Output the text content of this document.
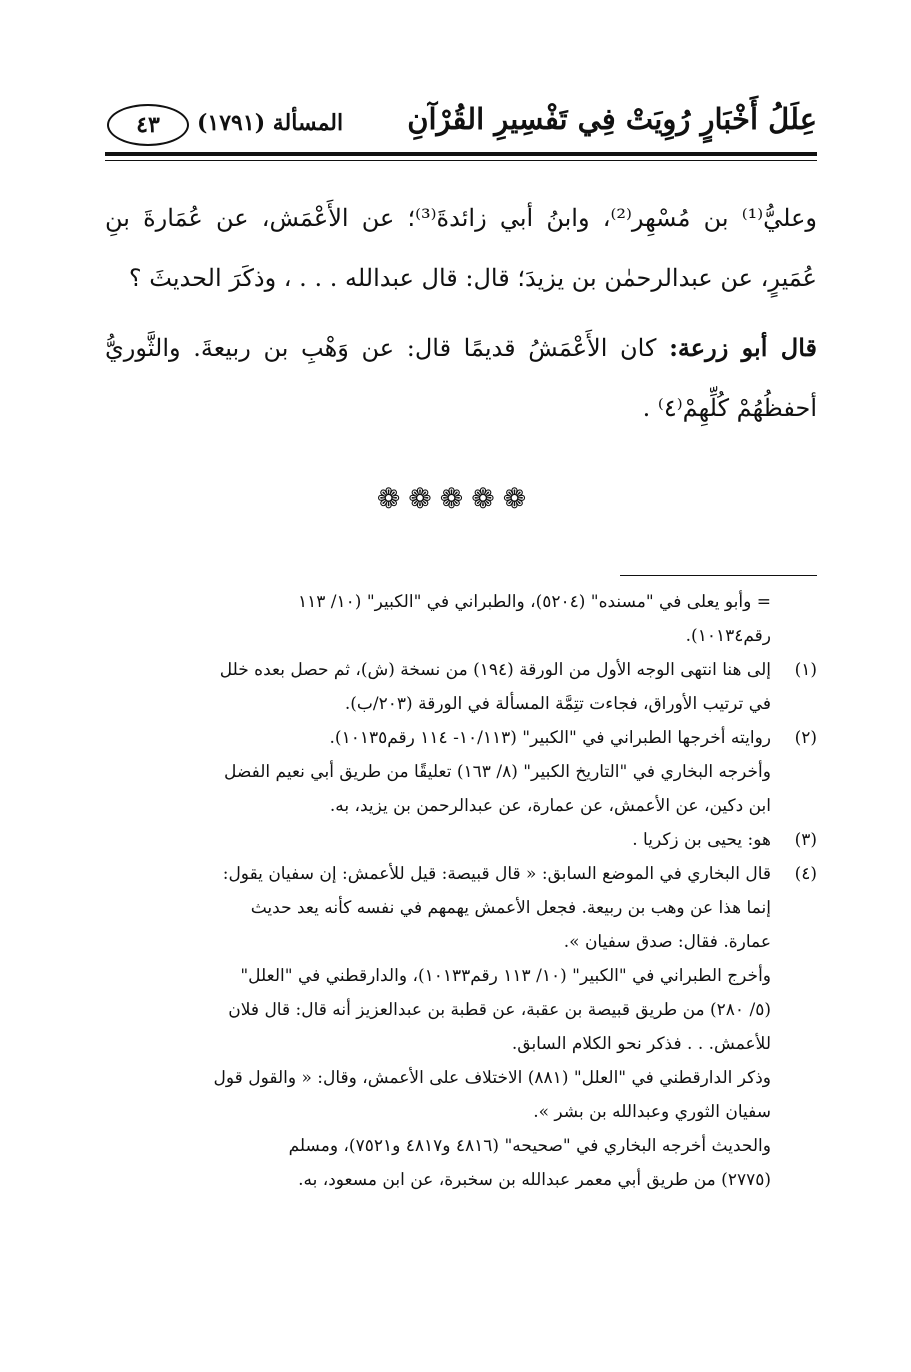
عِلَلُ أَخْبَارٍ رُوِيَتْ فِي تَفْسِيرِ القُرْآنِ
المسألة (١٧٩١)
٤٣

وعليُّ⁽¹⁾ بن مُسْهِر⁽²⁾، وابنُ أبي زائدةَ⁽³⁾؛ عن الأَعْمَش، عن عُمَارةَ بنِ عُمَيرٍ، عن عبدالرحمٰن بن يزيدَ؛ قال: قال عبدالله . . . ، وذكَرَ الحديثَ ؟

قال أبو زرعة: كان الأَعْمَشُ قديمًا قال: عن وَهْبِ بن ربيعةَ. والثَّوريُّ أحفظُهُمْ كُلِّهِمْ⁽٤⁾ .

❁❁❁❁❁
= وأبو يعلى في "مسنده" (٥٢٠٤)، والطبراني في "الكبير" (١٠/ ١١٣
رقم١٠١٣٤).
(١)
إلى هنا انتهى الوجه الأول من الورقة (١٩٤) من نسخة (ش)، ثم حصل بعده خلل
في ترتيب الأوراق، فجاءت تتِمَّة المسألة في الورقة (٢٠٣/ب).
(٢)
روايته أخرجها الطبراني في "الكبير" (١٠/١١٣- ١١٤ رقم١٠١٣٥).
وأخرجه البخاري في "التاريخ الكبير" (٨/ ١٦٣) تعليقًا من طريق أبي نعيم الفضل
ابن دكين، عن الأعمش، عن عمارة، عن عبدالرحمن بن يزيد، به.
(٣)
هو: يحيى بن زكريا .
(٤)
قال البخاري في الموضع السابق: « قال قبيصة: قيل للأعمش: إن سفيان يقول:
إنما هذا عن وهب بن ربيعة. فجعل الأعمش يهمهم في نفسه كأنه يعد حديث
عمارة. فقال: صدق سفيان ».
وأخرج الطبراني في "الكبير" (١٠/ ١١٣ رقم١٠١٣٣)، والدارقطني في "العلل"
(٥/ ٢٨٠) من طريق قبيصة بن عقبة، عن قطبة بن عبدالعزيز أنه قال: قال فلان
للأعمش. . . فذكر نحو الكلام السابق.
وذكر الدارقطني في "العلل" (٨٨١) الاختلاف على الأعمش، وقال: « والقول قول
سفيان الثوري وعبدالله بن بشر ».
والحديث أخرجه البخاري في "صحيحه" (٤٨١٦ و٤٨١٧ و٧٥٢١)، ومسلم
(٢٧٧٥) من طريق أبي معمر عبدالله بن سخبرة، عن ابن مسعود، به.
